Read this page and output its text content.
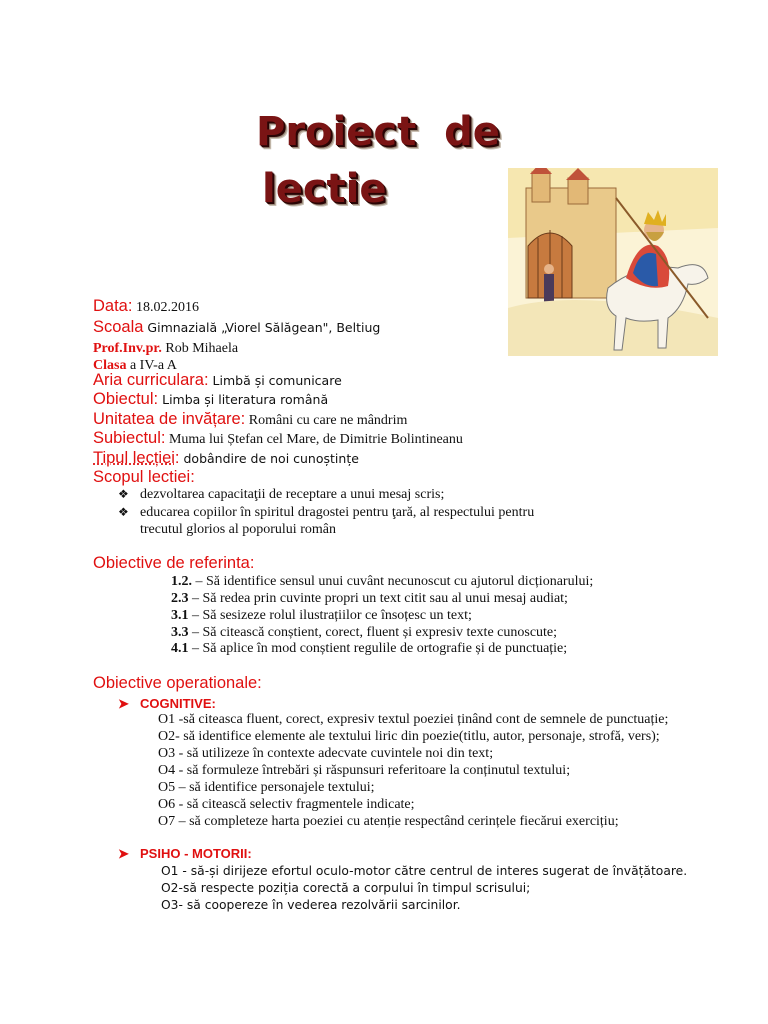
Proiect de
lectie
Data: 18.02.2016
Scoala Gimnazială „Viorel Sălăgean", Beltiug
Prof.Inv.pr. Rob Mihaela
Clasa a IV-a A
Aria curriculara: Limbă și comunicare
Obiectul: Limba și literatura română
Unitatea de invățare: Români cu care ne mândrim
Subiectul: Muma lui Ștefan cel Mare, de Dimitrie Bolintineanu
Tipul lecției: dobândire de noi cunoștințe
Scopul lectiei:
❖ dezvoltarea capacitaţii de receptare a unui mesaj scris;
❖ educarea copiilor în spiritul dragostei pentru ţară, al respectului pentru
trecutul glorios al poporului român
Obiective de referinta:
1.2. – Să identifice sensul unui cuvânt necunoscut cu ajutorul dicționarului;
2.3 – Să redea prin cuvinte propri un text citit sau al unui mesaj audiat;
3.1 – Să sesizeze rolul ilustrațiilor ce însoțesc un text;
3.3 – Să citească conștient, corect, fluent și expresiv texte cunoscute;
4.1 – Să aplice în mod conștient regulile de ortografie și de punctuație;
Obiective operationale:
➤ COGNITIVE:
O1 -să citeasca fluent, corect, expresiv textul poeziei ținând cont de semnele de punctuație;
O2- să identifice elemente ale textului liric din poezie(titlu, autor, personaje, strofă, vers);
O3 - să utilizeze în contexte adecvate cuvintele noi din text;
O4 - să formuleze întrebări și răspunsuri referitoare la conținutul textului;
O5 – să identifice personajele textului;
O6 - să citească selectiv fragmentele indicate;
O7 – să completeze harta poeziei cu atenție respectând cerințele fiecărui exercițiu;
➤ PSIHO - MOTORII:
O1 - să-și dirijeze efortul oculo-motor către centrul de interes sugerat de învățătoare.
O2-să respecte poziția corectă a corpului în timpul scrisului;
O3- să coopereze în vederea rezolvării sarcinilor.
